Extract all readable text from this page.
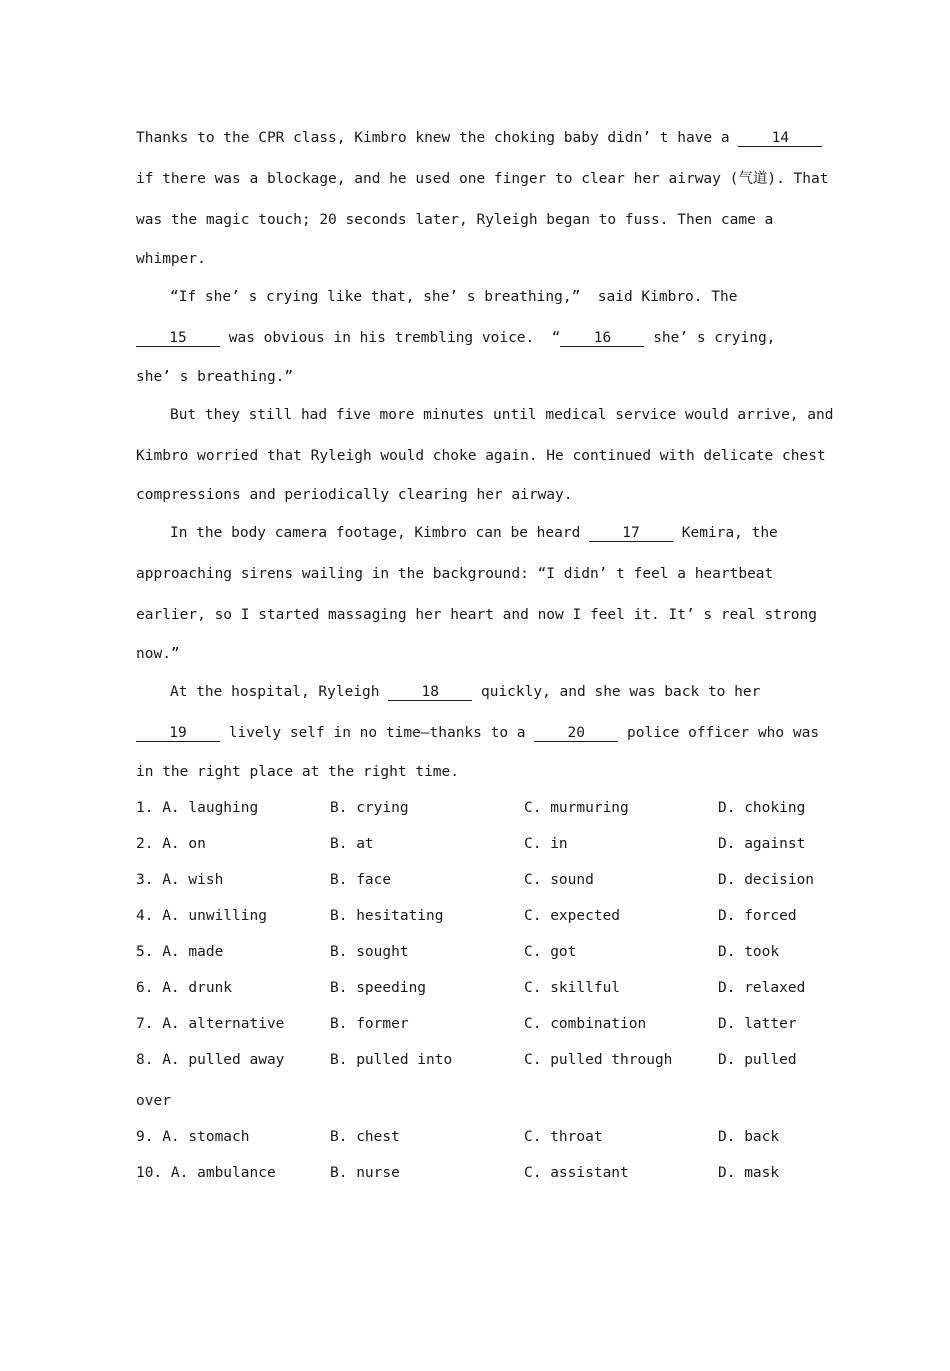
Thanks to the CPR class, Kimbro knew the choking baby didn’ t have a 14
if there was a blockage, and he used one finger to clear her airway (气道). That
was the magic touch; 20 seconds later, Ryleigh began to fuss. Then came a
whimper.
“If she’ s crying like that, she’ s breathing,”  said Kimbro. The
15 was obvious in his trembling voice.  “ 16 she’ s crying,
she’ s breathing.”
But they still had five more minutes until medical service would arrive, and
Kimbro worried that Ryleigh would choke again. He continued with delicate chest
compressions and periodically clearing her airway.
In the body camera footage, Kimbro can be heard 17 Kemira, the
approaching sirens wailing in the background: “I didn’ t feel a heartbeat
earlier, so I started massaging her heart and now I feel it. It’ s real strong
now.”
At the hospital, Ryleigh 18 quickly, and she was back to her
19 lively self in no time—thanks to a 20 police officer who was
in the right place at the right time.

1. A. laughing

	B. crying

	C. murmuring

	D. choking

2. A. on

	B. at

	C. in

	D. against

3. A. wish

	B. face

	C. sound

	D. decision

4. A. unwilling

	B. hesitating

	C. expected

	D. forced

5. A. made

	B. sought

	C. got

	D. took

6. A. drunk

	B. speeding

	C. skillful

	D. relaxed

7. A. alternative

	B. former

	C. combination

	D. latter

8. A. pulled away

	B. pulled into

	C. pulled through

	D. pulled

over

9. A. stomach

	B. chest

	C. throat

	D. back

10. A. ambulance

	B. nurse

	C. assistant

	D. mask
